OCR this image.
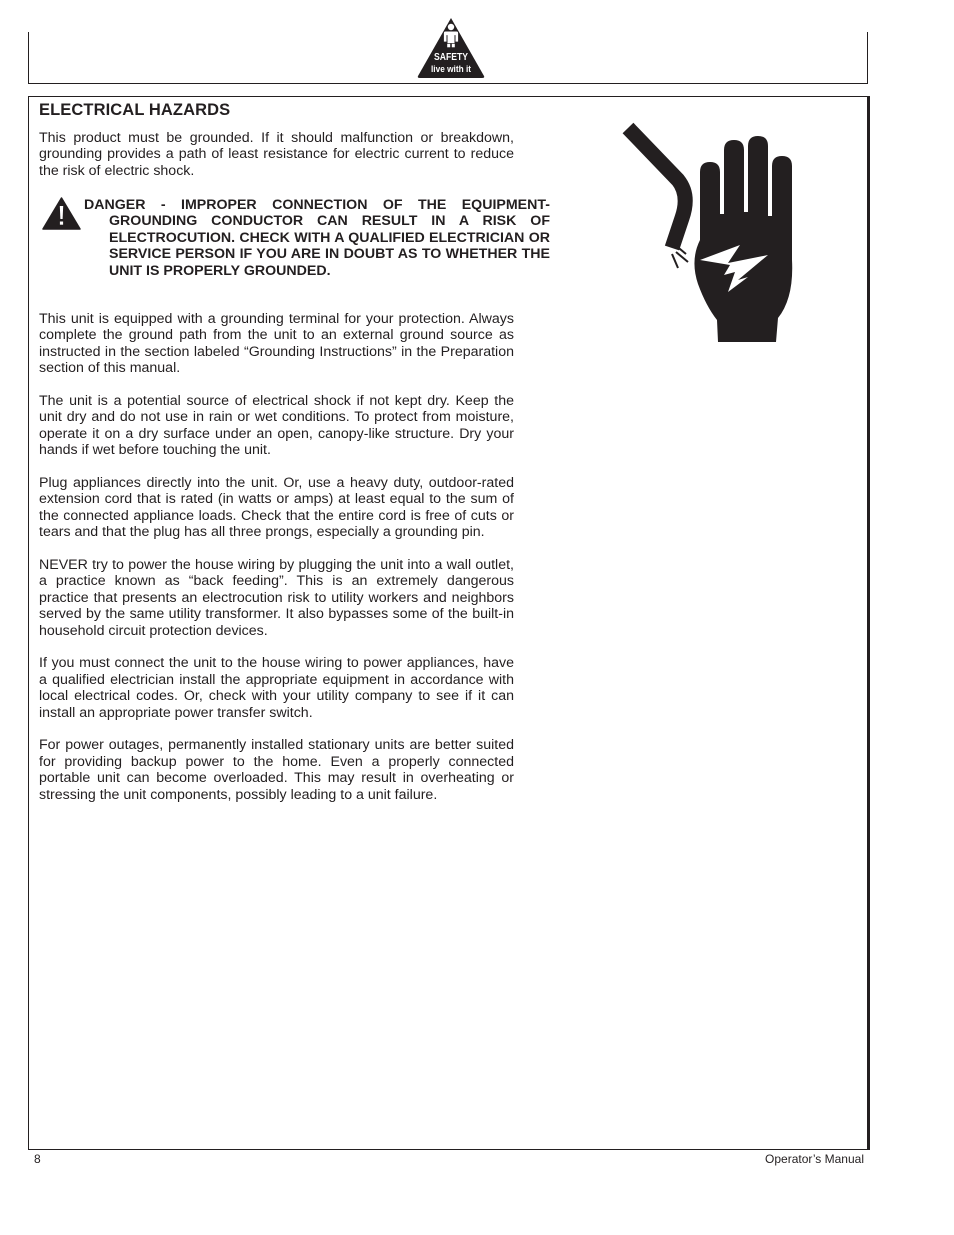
SAFETY
live with it
ELECTRICAL HAZARDS

This product must be grounded. If it should malfunction or breakdown, grounding provides a path of least resistance for electric current to reduce the risk of electric shock.

DANGER - IMPROPER CONNECTION OF THE EQUIPMENT-GROUNDING CONDUCTOR CAN RESULT IN A RISK OF ELECTROCUTION. CHECK WITH A QUALIFIED ELECTRICIAN OR SERVICE PERSON IF YOU ARE IN DOUBT AS TO WHETHER THE UNIT IS PROPERLY GROUNDED.

This unit is equipped with a grounding terminal for your protection. Always complete the ground path from the unit to an external ground source as instructed in the section labeled “Grounding Instructions” in the Preparation section of this manual.

The unit is a potential source of electrical shock if not kept dry. Keep the unit dry and do not use in rain or wet conditions. To protect from moisture, operate it on a dry surface under an open, canopy-like structure. Dry your hands if wet before touching the unit.

Plug appliances directly into the unit. Or, use a heavy duty, outdoor-rated extension cord that is rated (in watts or amps) at least equal to the sum of the connected appliance loads. Check that the entire cord is free of cuts or tears and that the plug has all three prongs, especially a grounding pin.

NEVER try to power the house wiring by plugging the unit into a wall outlet, a practice known as “back feeding”. This is an extremely dangerous practice that presents an electrocution risk to utility workers and neighbors served by the same utility transformer. It also bypasses some of the built-in household circuit protection devices.

If you must connect the unit to the house wiring to power appliances, have a qualified electrician install the appropriate equipment in accordance with local electrical codes. Or, check with your utility company to see if it can install an appropriate power transfer switch.

For power outages, permanently installed stationary units are better suited for providing backup power to the home. Even a properly connected portable unit can become overloaded. This may result in overheating or stressing the unit components, possibly leading to a unit failure.

8	Operator’s Manual
